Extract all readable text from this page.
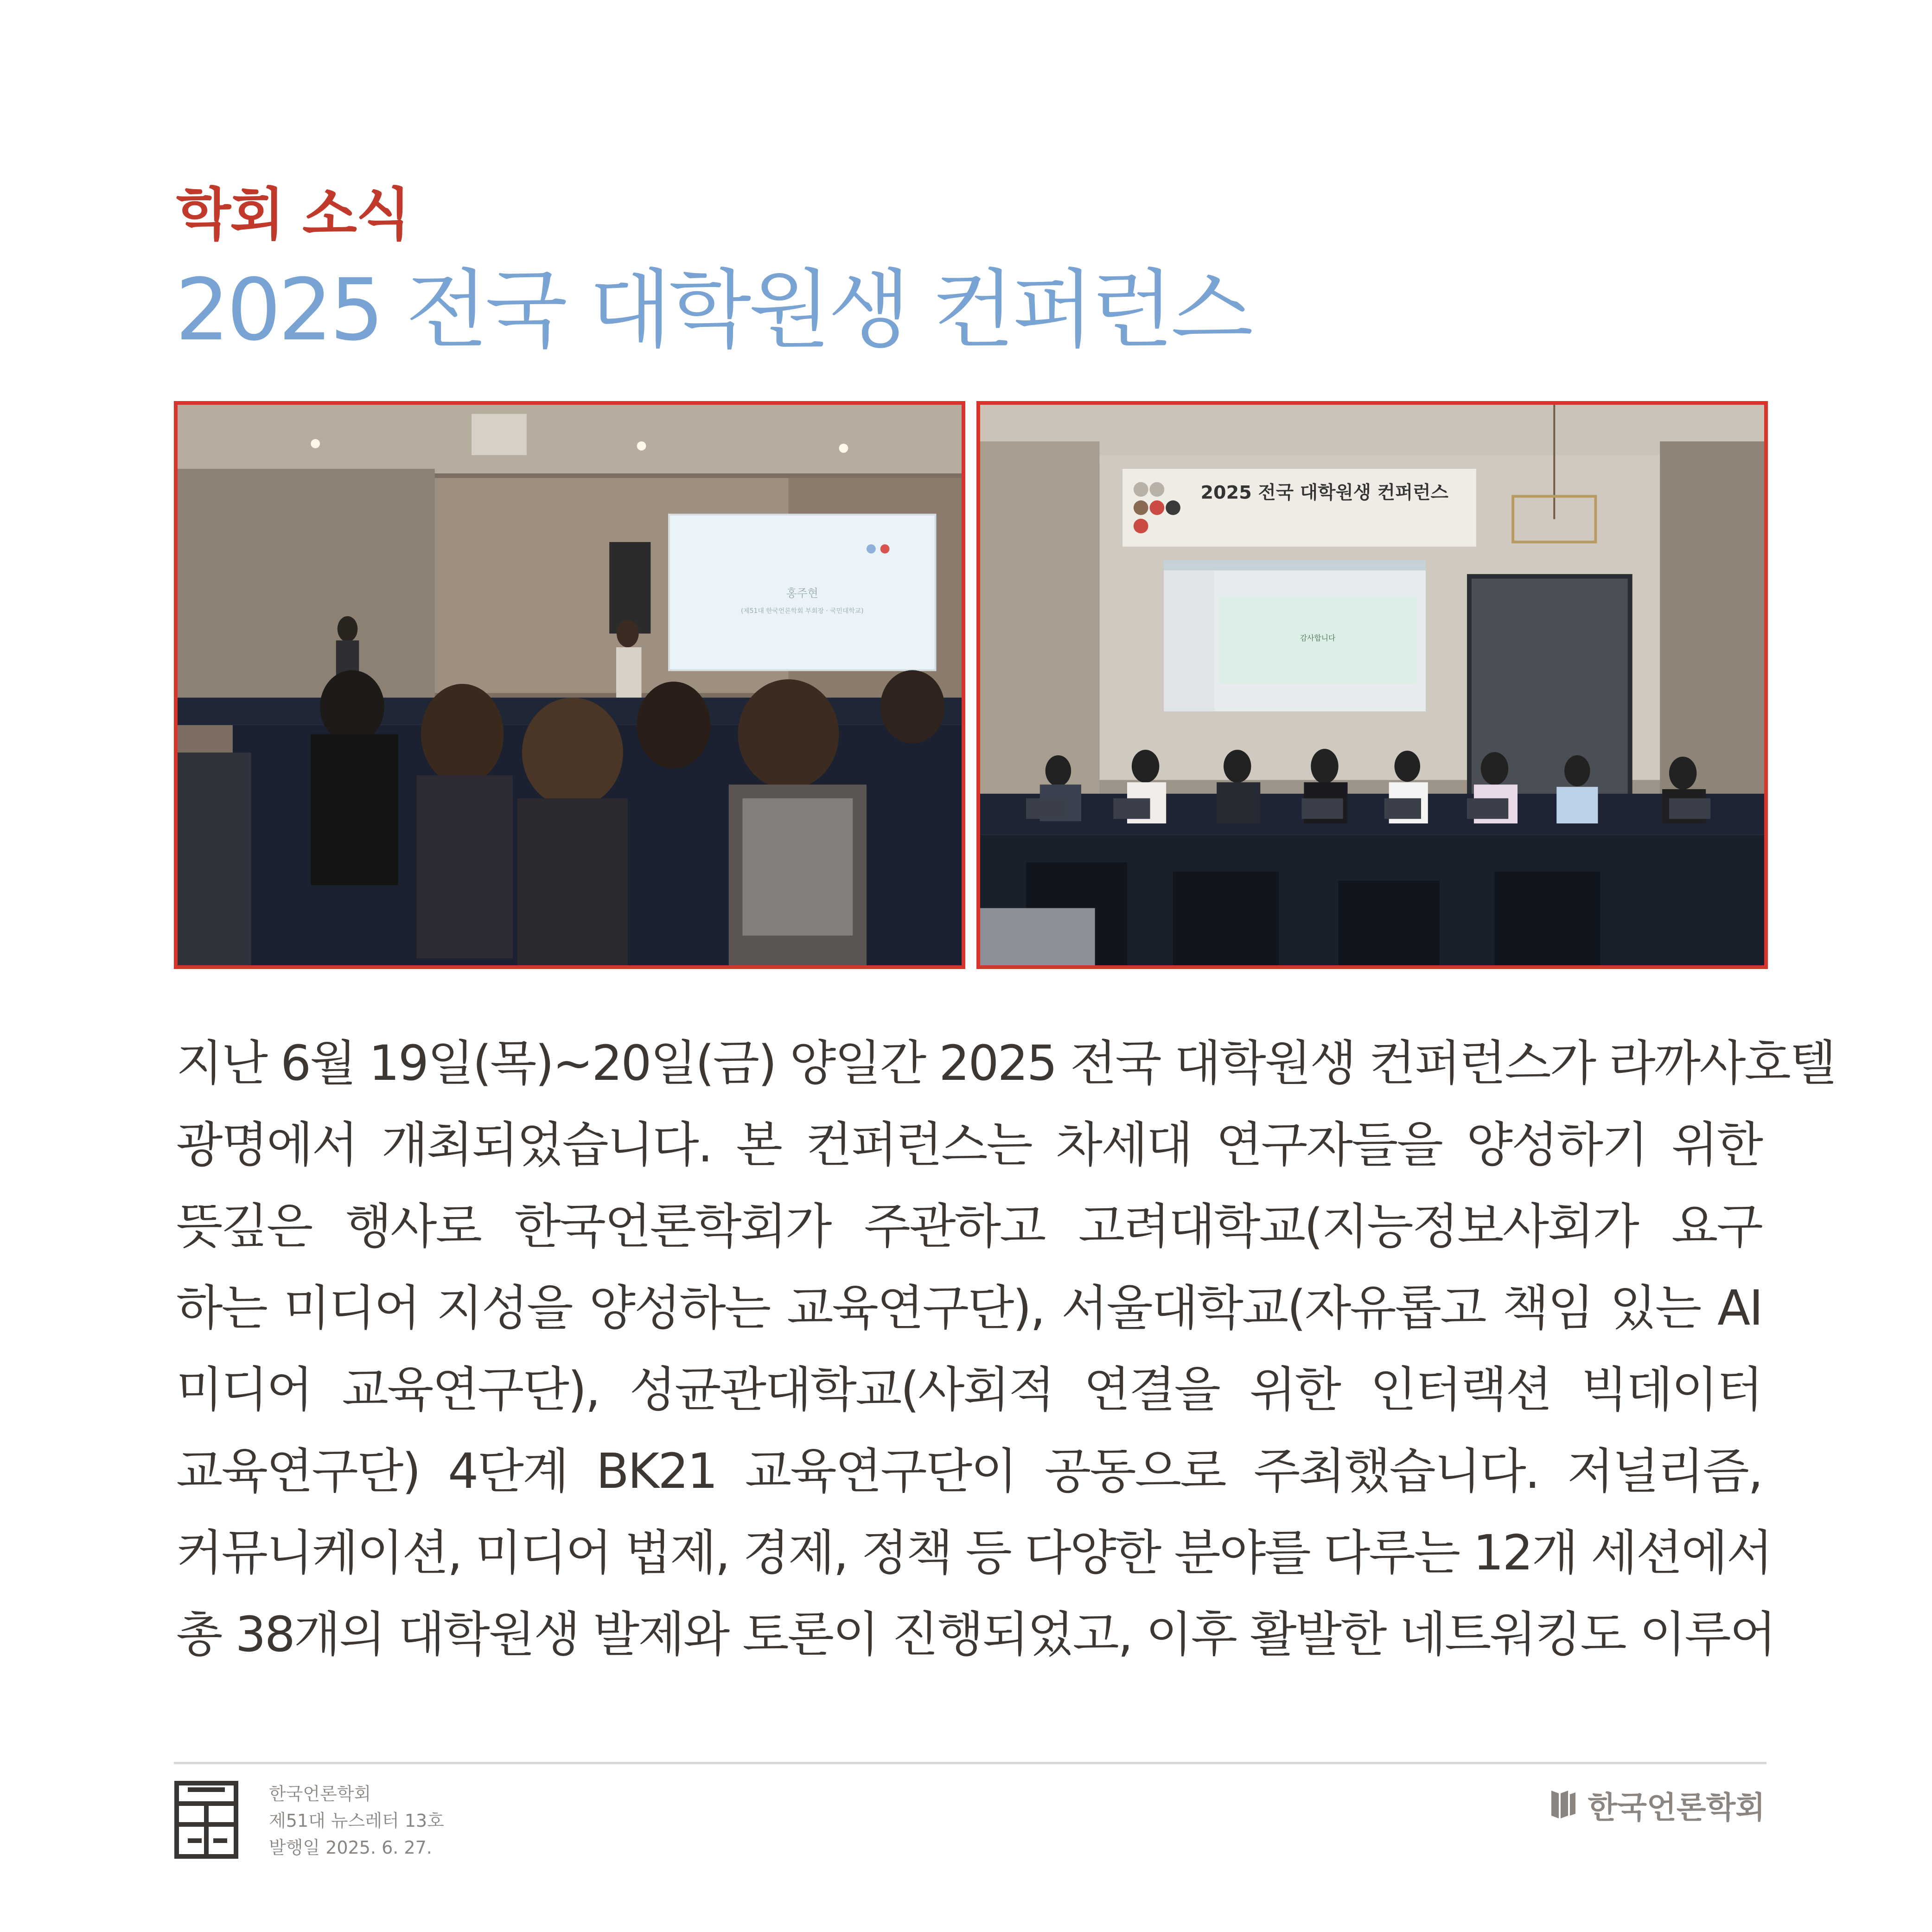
학회 소식
2025 전국 대학원생 컨퍼런스
홍주현
(제51대 한국언론학회 부회장 · 국민대학교)
2025 전국 대학원생 컨퍼런스
감사합니다
지난 6월 19일(목)~20일(금) 양일간 2025 전국 대학원생 컨퍼런스가 라까사호텔
광명에서 개최되었습니다. 본 컨퍼런스는 차세대 연구자들을 양성하기 위한
뜻깊은 행사로 한국언론학회가 주관하고 고려대학교(지능정보사회가 요구
하는 미디어 지성을 양성하는 교육연구단), 서울대학교(자유롭고 책임 있는 AI
미디어 교육연구단), 성균관대학교(사회적 연결을 위한 인터랙션 빅데이터
교육연구단) 4단계 BK21 교육연구단이 공동으로 주최했습니다. 저널리즘,
커뮤니케이션, 미디어 법제, 경제, 정책 등 다양한 분야를 다루는 12개 세션에서
총 38개의 대학원생 발제와 토론이 진행되었고, 이후 활발한 네트워킹도 이루어
한국언론학회
제51대 뉴스레터 13호
발행일 2025. 6. 27.
한국언론학회
